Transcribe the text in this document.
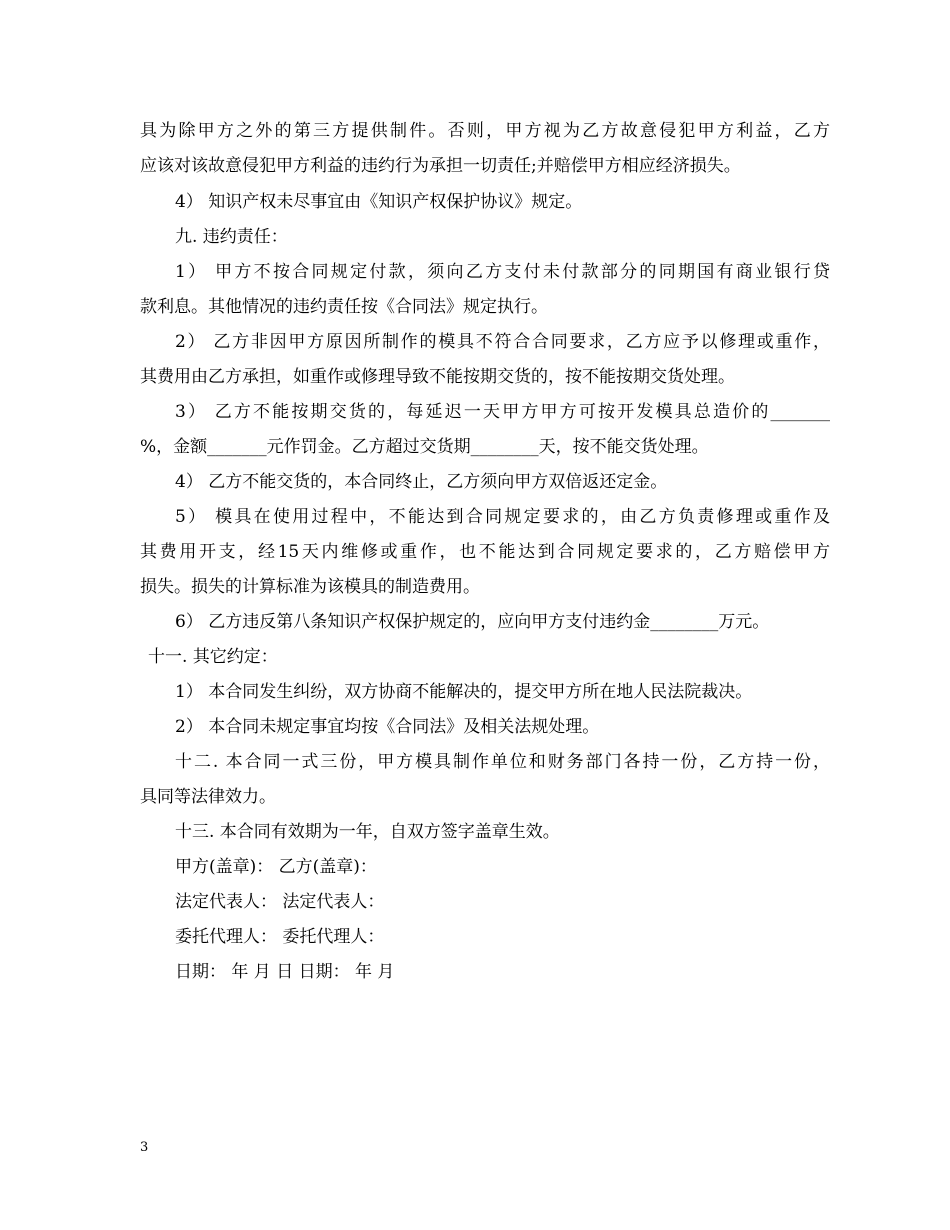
具为除甲方之外的第三方提供制件。否则，甲方视为乙方故意侵犯甲方利益，乙方
应该对该故意侵犯甲方利益的违约行为承担一切责任;并赔偿甲方相应经济损失。
4） 知识产权未尽事宜由《知识产权保护协议》规定。
九. 违约责任：
1） 甲方不按合同规定付款，须向乙方支付未付款部分的同期国有商业银行贷
款利息。其他情况的违约责任按《合同法》规定执行。
2） 乙方非因甲方原因所制作的模具不符合合同要求，乙方应予以修理或重作，
其费用由乙方承担，如重作或修理导致不能按期交货的，按不能按期交货处理。
3） 乙方不能按期交货的，每延迟一天甲方甲方可按开发模具总造价的_______
%，金额_______元作罚金。乙方超过交货期________天，按不能交货处理。
4） 乙方不能交货的，本合同终止，乙方须向甲方双倍返还定金。
5） 模具在使用过程中，不能达到合同规定要求的，由乙方负责修理或重作及
其费用开支，经15天内维修或重作，也不能达到合同规定要求的，乙方赔偿甲方
损失。损失的计算标准为该模具的制造费用。
6） 乙方违反第八条知识产权保护规定的，应向甲方支付违约金________万元。
十一. 其它约定：
1） 本合同发生纠纷，双方协商不能解决的，提交甲方所在地人民法院裁决。
2） 本合同未规定事宜均按《合同法》及相关法规处理。
十二. 本合同一式三份，甲方模具制作单位和财务部门各持一份，乙方持一份，
具同等法律效力。
十三. 本合同有效期为一年，自双方签字盖章生效。
甲方(盖章)： 乙方(盖章)：
法定代表人： 法定代表人：
委托代理人： 委托代理人：
日期： 年 月 日 日期： 年 月
3
